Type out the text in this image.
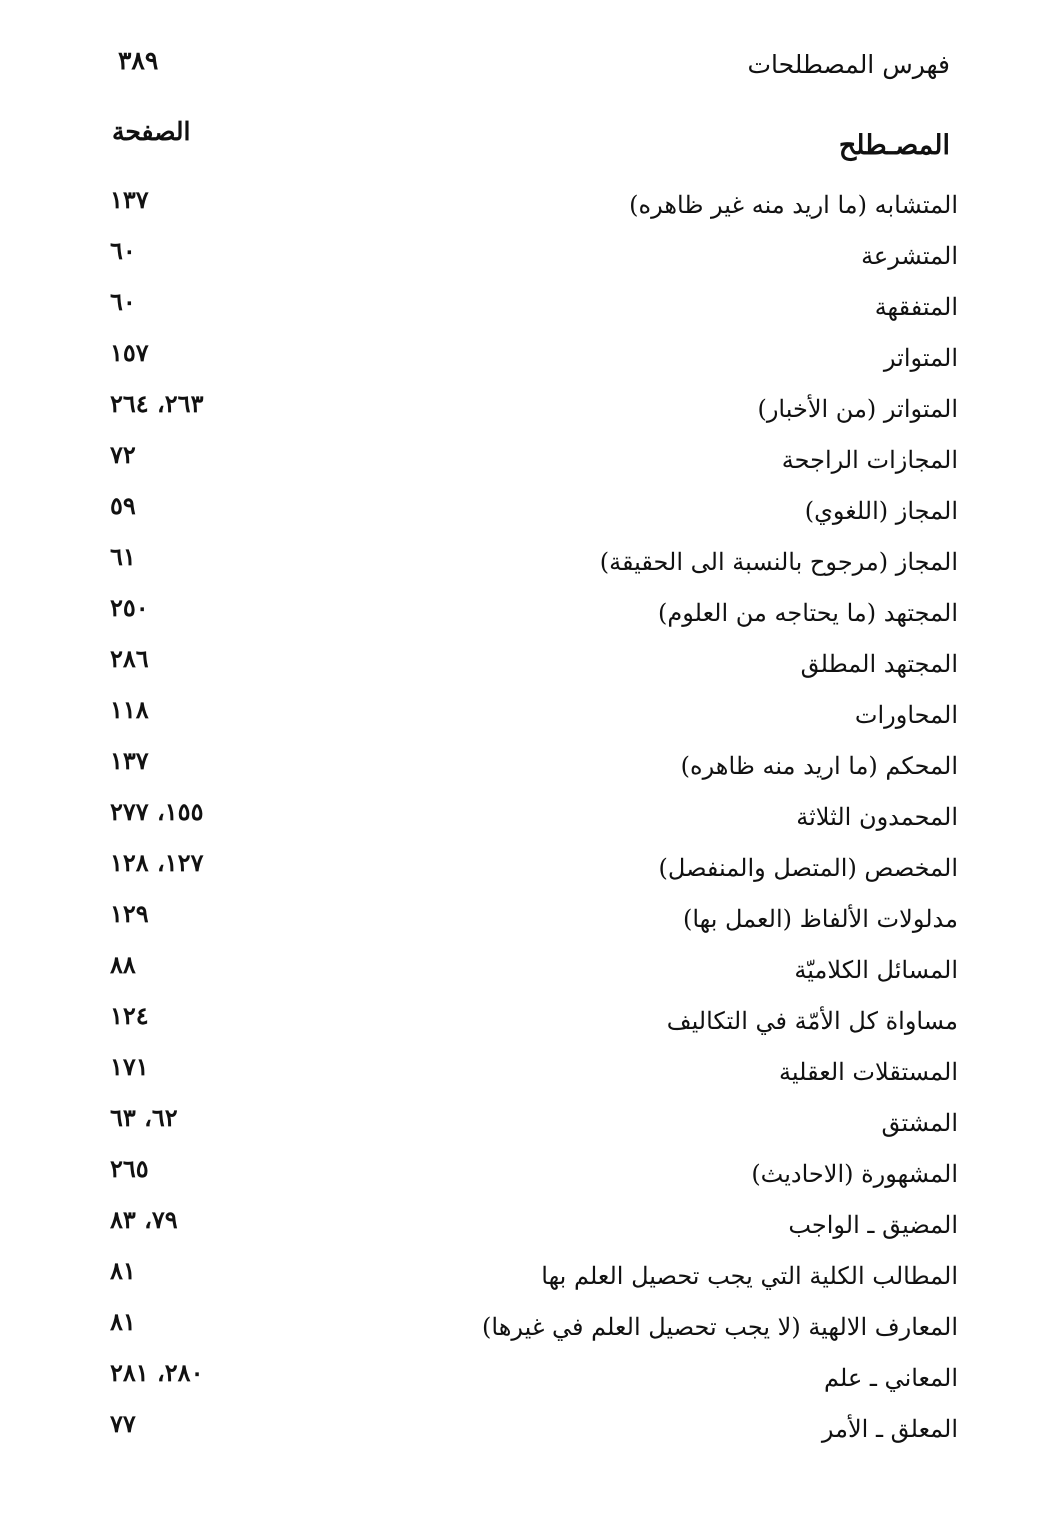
فهرس المصطلحات
٣٨٩
المصـطلح
الصفحة
المتشابه (ما اريد منه غير ظاهره)
١٣٧
المتشرعة
٦٠
المتفقهة
٦٠
المتواتر
١٥٧
المتواتر (من الأخبار)
٢٦٣، ٢٦٤
المجازات الراجحة
٧٢
المجاز (اللغوي)
٥٩
المجاز (مرجوح بالنسبة الى الحقيقة)
٦١
المجتهد (ما يحتاجه من العلوم)
٢٥٠
المجتهد المطلق
٢٨٦
المحاورات
١١٨
المحكم (ما اريد منه ظاهره)
١٣٧
المحمدون الثلاثة
١٥٥، ٢٧٧
المخصص (المتصل والمنفصل)
١٢٧، ١٢٨
مدلولات الألفاظ (العمل بها)
١٢٩
المسائل الكلاميّة
٨٨
مساواة كل الأمّة في التكاليف
١٢٤
المستقلات العقلية
١٧١
المشتق
٦٢، ٦٣
المشهورة (الاحاديث)
٢٦٥
المضيق ـ الواجب
٧٩، ٨٣
المطالب الكلية التي يجب تحصيل العلم بها
٨١
المعارف الالهية (لا يجب تحصيل العلم في غيرها)
٨١
المعاني ـ علم
٢٨٠، ٢٨١
المعلق ـ الأمر
٧٧
